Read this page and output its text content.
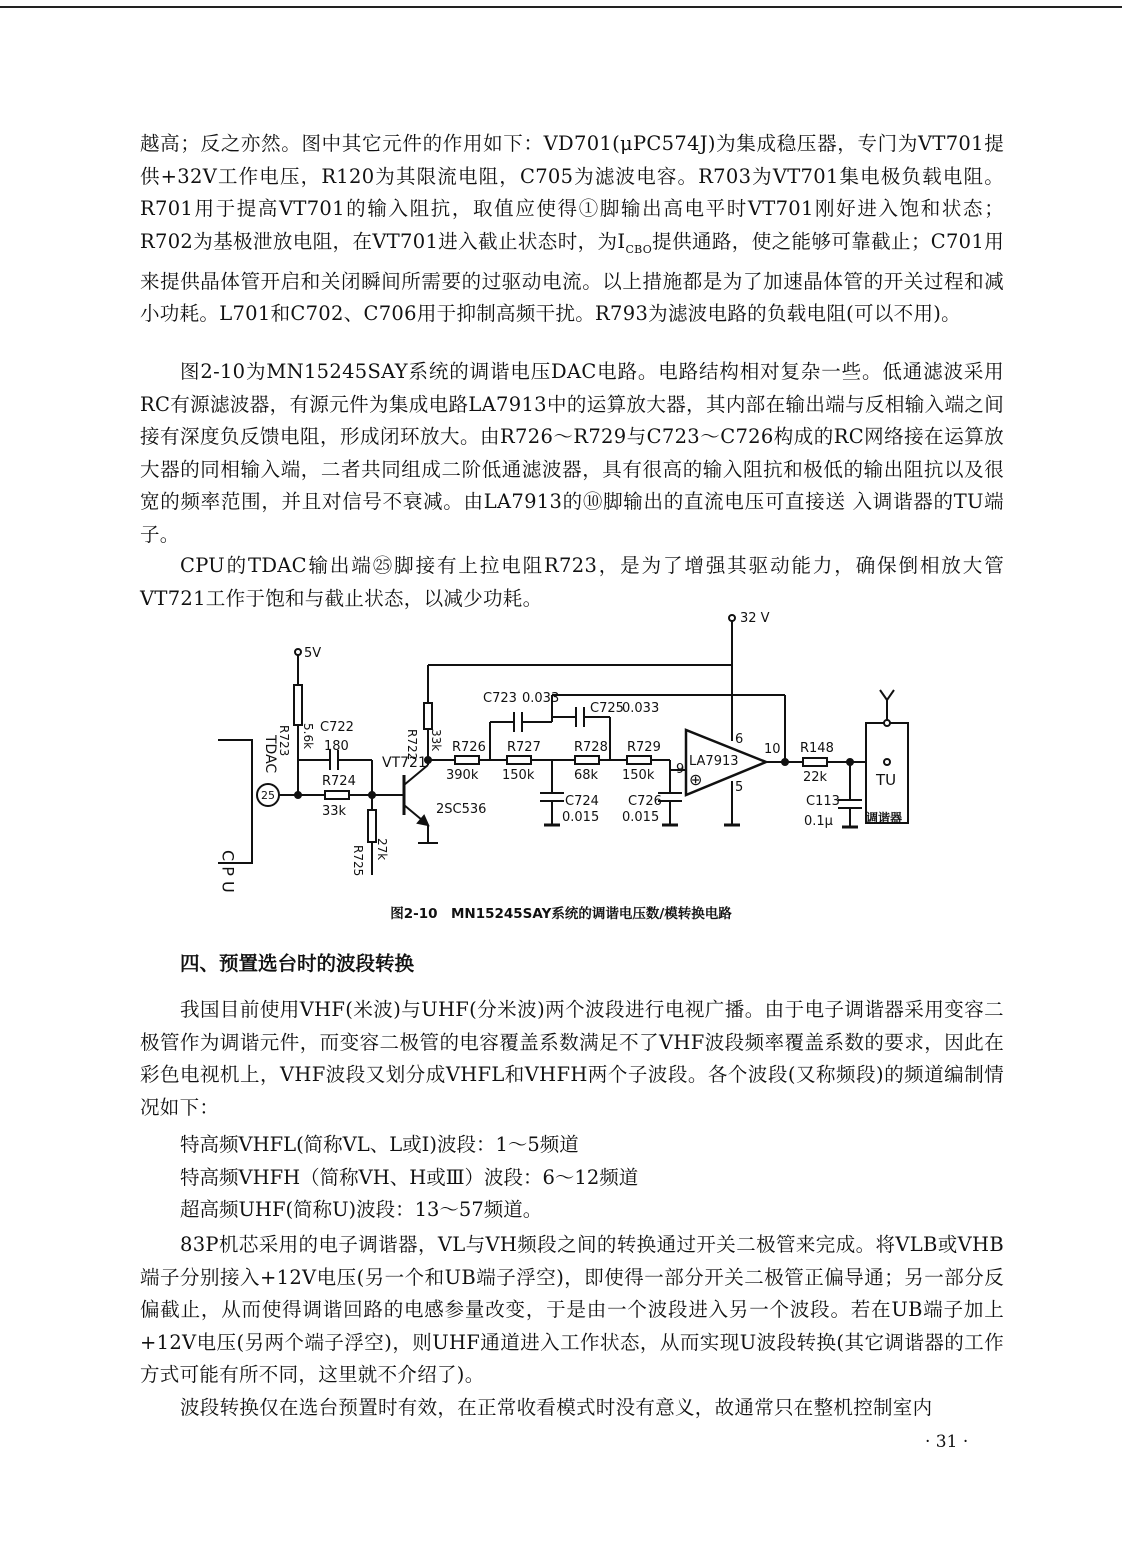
越高；反之亦然。图中其它元件的作用如下：VD701(μPC574J)为集成稳压器，专门为VT701提供+32V工作电压，R120为其限流电阻，C705为滤波电容。R703为VT701集电极负载电阻。R701用于提高VT701的输入阻抗，取值应使得①脚输出高电平时VT701刚好进入饱和状态；R702为基极泄放电阻，在VT701进入截止状态时，为$I_{CBO}$提供通路，使之能够可靠截止；C701用来提供晶体管开启和关闭瞬间所需要的过驱动电流。以上措施都是为了加速晶体管的开关过程和减小功耗。L701和C702、C706用于抑制高频干扰。R793为滤波电路的负载电阻(可以不用)。

图2-10为MN15245SAY系统的调谐电压DAC电路。电路结构相对复杂一些。低通滤波采用RC有源滤波器，有源元件为集成电路LA7913中的运算放大器，其内部在输出端与反相输入端之间接有深度负反馈电阻，形成闭环放大。由R726～R729与C723～C726构成的RC网络接在运算放大器的同相输入端，二者共同组成二阶低通滤波器，具有很高的输入阻抗和极低的输出阻抗以及很宽的频率范围，并且对信号不衰减。由LA7913的⑩脚输出的直流电压可直接送 入调谐器的TU端子。

CPU的TDAC输出端㉕脚接有上拉电阻R723，是为了增强其驱动能力，确保倒相放大管VT721工作于饱和与截止状态，以减少功耗。

32 V
5V
C P U
TDAC
25
R723 5.6k C722
180
R724
33k
R725 27k
R722 33k
VT721
2SC536
C723 0.033
C725
0.033
R726
390k
R727
150k
R728
68k
R729
150k
C724
0.015
C726
0.015
LA7913
6
9
10
5
R148
22k
C113
0.1μ
TU
调谐器
⊕
图2-10　MN15245SAY系统的调谐电压数/模转换电路
四、预置选台时的波段转换

我国目前使用VHF(米波)与UHF(分米波)两个波段进行电视广播。由于电子调谐器采用变容二极管作为调谐元件，而变容二极管的电容覆盖系数满足不了VHF波段频率覆盖系数的要求，因此在彩色电视机上，VHF波段又划分成VHFL和VHFH两个子波段。各个波段(又称频段)的频道编制情况如下：

特高频VHFL(简称VL、L或Ⅰ)波段：1～5频道
特高频VHFH（简称VH、H或Ⅲ）波段：6～12频道
超高频UHF(简称U)波段：13～57频道。

83P机芯采用的电子调谐器，VL与VH频段之间的转换通过开关二极管来完成。将VLB或VHB端子分别接入+12V电压(另一个和UB端子浮空)，即使得一部分开关二极管正偏导通；另一部分反偏截止，从而使得调谐回路的电感参量改变，于是由一个波段进入另一个波段。若在UB端子加上+12V电压(另两个端子浮空)，则UHF通道进入工作状态，从而实现U波段转换(其它调谐器的工作方式可能有所不同，这里就不介绍了)。

波段转换仅在选台预置时有效，在正常收看模式时没有意义，故通常只在整机控制室内

· 31 ·
